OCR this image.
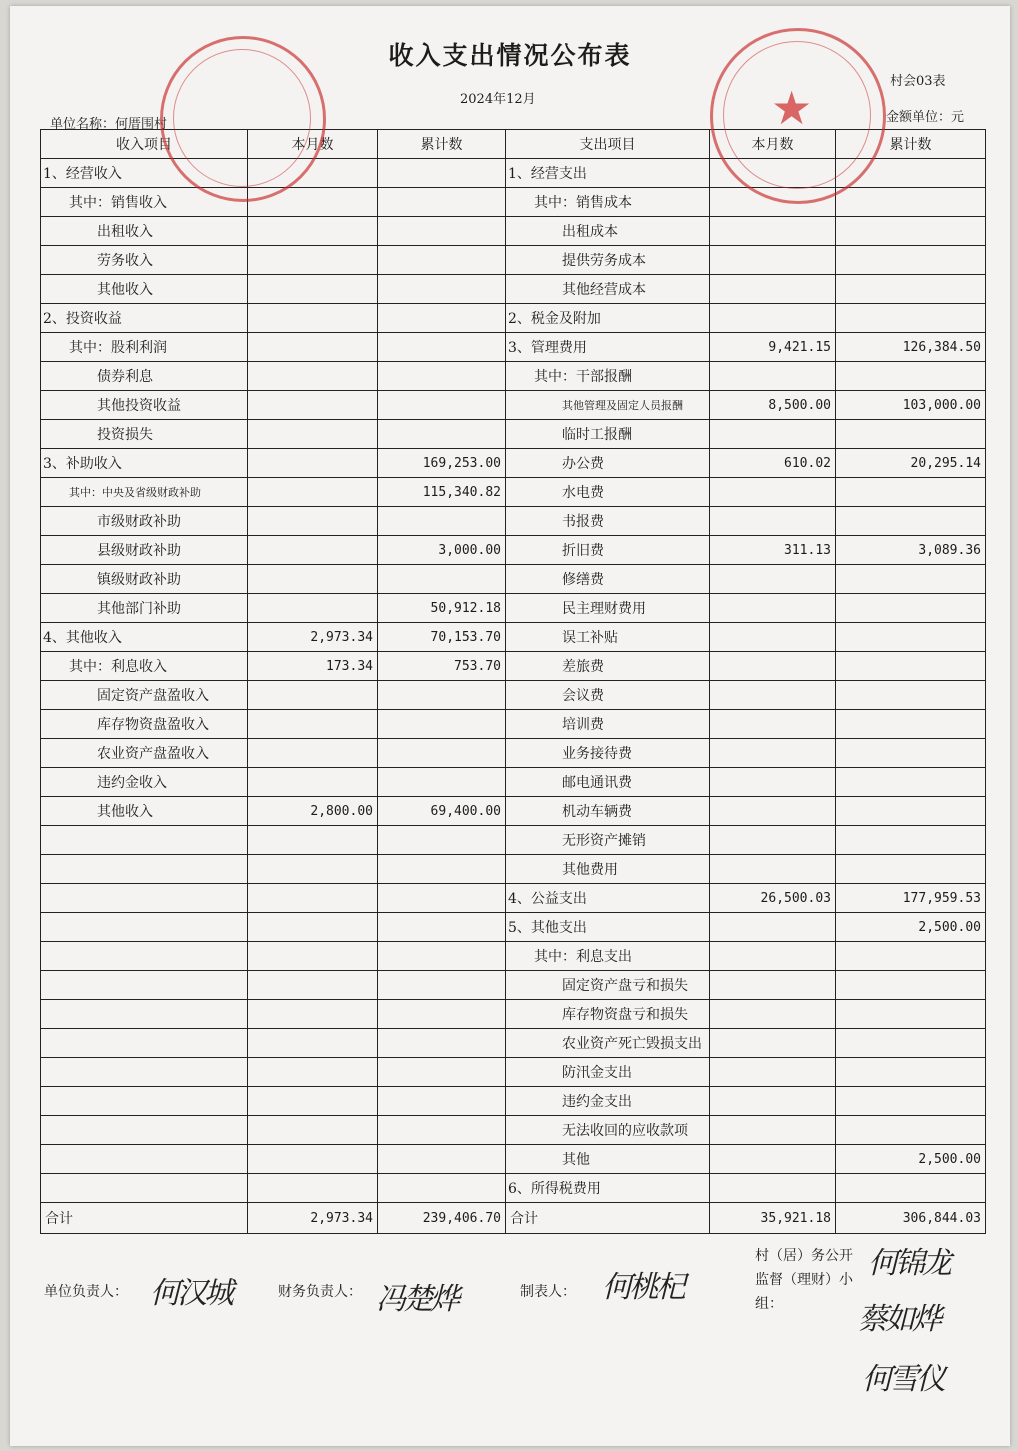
收入支出情况公布表
2024年12月
单位名称：何厝围村
村会03表
金额单位：元
收入项目	本月数	累计数
1、经营收入		
其中：销售收入		
出租收入		
劳务收入		
其他收入		
2、投资收益		
其中：股利利润		
债券利息		
其他投资收益		
投资损失		
3、补助收入		169,253.00
其中：中央及省级财政补助		115,340.82
市级财政补助		
县级财政补助		3,000.00
镇级财政补助		
其他部门补助		50,912.18
4、其他收入	2,973.34	70,153.70
其中：利息收入	173.34	753.70
固定资产盘盈收入		
库存物资盘盈收入		
农业资产盘盈收入		
违约金收入		
其他收入	2,800.00	69,400.00

合计	2,973.34	239,406.70
支出项目	本月数	累计数
1、经营支出		
其中：销售成本		
出租成本		
提供劳务成本		
其他经营成本		
2、税金及附加		
3、管理费用	9,421.15	126,384.50
其中：干部报酬		
其他管理及固定人员报酬	8,500.00	103,000.00
临时工报酬		
办公费	610.02	20,295.14
水电费		
书报费		
折旧费	311.13	3,089.36
修缮费		
民主理财费用		
误工补贴		
差旅费		
会议费		
培训费		
业务接待费		
邮电通讯费		
机动车辆费		
无形资产摊销		
其他费用		
4、公益支出	26,500.03	177,959.53
5、其他支出		2,500.00
其中：利息支出		
固定资产盘亏和损失		
库存物资盘亏和损失		
农业资产死亡毁损支出		
防汛金支出		
违约金支出		
无法收回的应收款项		
其他		2,500.00
6、所得税费用		
合计	35,921.18	306,844.03
单位负责人： 何汉城	财务负责人： 冯楚烨	制表人： 何桃杞
村（居）务公开监督（理财）小组：
何锦龙
蔡如烨
何雪仪
★
